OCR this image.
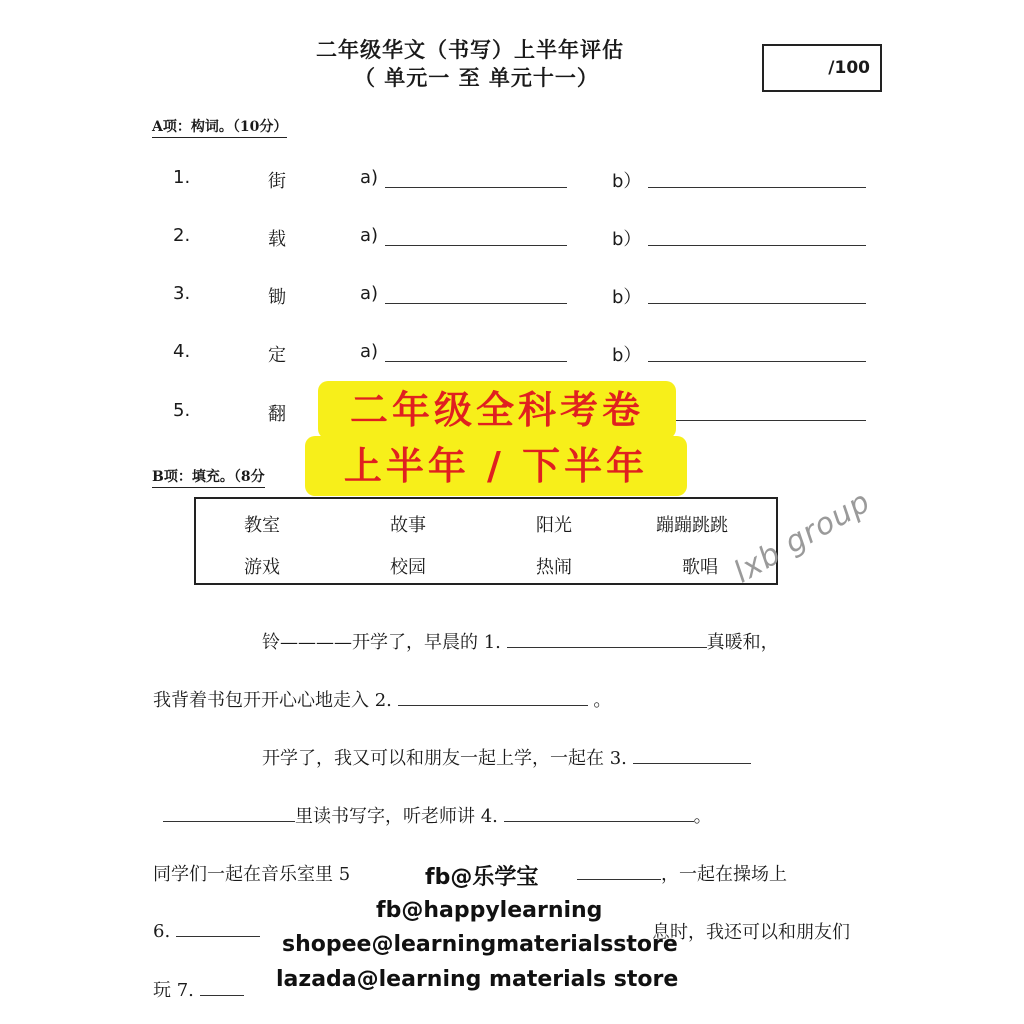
二年级华文（书写）上半年评估
（ 单元一 至 单元十一）	/100
A项：构词。（10分）
1.	街	a)	b）
2.	载	a)	b）
3.	锄	a)	b）
4.	定	a)	b）
5.	翻
B项：填充。（8分
教室	故事	阳光	蹦蹦跳跳
游戏	校园	热闹	歌唱
铃————开学了，早晨的 1.	真暖和，
我背着书包开开心心地走入 2.	。
开学了，我又可以和朋友一起上学，一起在 3.
里读书写字，听老师讲 4.	。
同学们一起在音乐室里 5	，一起在操场上
6.	息时，我还可以和朋友们
玩 7.
lxb group
二年级全科考卷
上半年 / 下半年
fb@乐学宝
fb@happylearning
shopee@learningmaterialsstore
lazada@learning materials store
